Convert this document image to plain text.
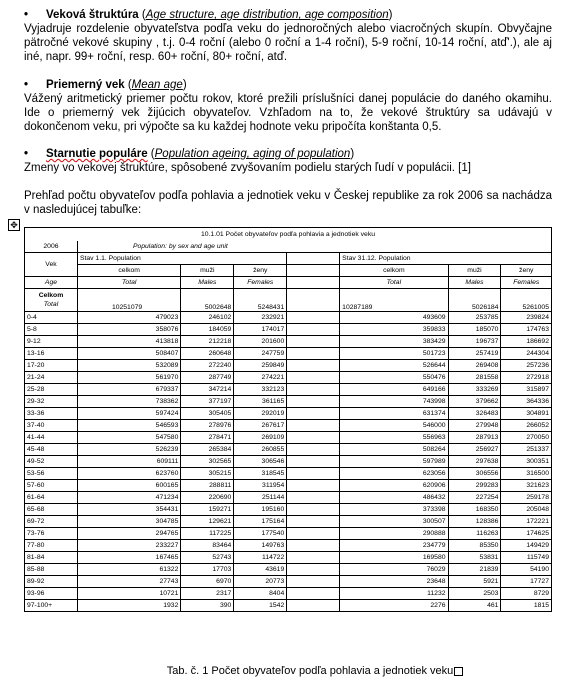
• Veková štruktúra (Age structure, age distribution, age composition)
Vyjadruje rozdelenie obyvateľstva podľa veku do jednoročných alebo viacročných skupín. Obvyčajne pätročné vekové skupiny , t.j. 0-4 roční (alebo 0 roční a 1-4 roční), 5-9 roční, 10-14 roční, atď'.), ale aj iné, napr. 99+ roční, resp. 60+ roční, 80+ roční, atď.
• Priemerný vek (Mean age)
Vážený aritmetický priemer počtu rokov, ktoré prežili príslušníci danej populácie do daného okamihu. Ide o priemerný vek žijúcich obyvateľov. Vzhľadom na to, že vekové štruktúry sa udávajú v dokončenom veku, pri výpočte sa ku každej hodnote veku pripočíta konštanta 0,5.
• Starnutie populáre (Population ageing, aging of population)
Zmeny vo vekovej štruktúre, spôsobené zvyšovaním podielu starých ľudí v populácii. [1]
Prehľad počtu obyvateľov podľa pohlavia a jednotiek veku v Českej republike za rok 2006 sa nachádza v nasledujúcej tabuľke:
✥
10.1.01 Počet obyvateľov podľa pohlavia a jednotiek veku							
2006	Population: by sex and age unit						
Vek	Stav 1.1. Population				Stav 31.12. Population		
	celkom	muži	ženy		celkom	muži	ženy
Age	Total	Males	Females		Total	Males	Females
Celkom
Total	10251079	5002648	5248431		10287189	5026184	5261005
0-4	479023	246102	232921		493609	253785	239824
5-8	358076	184059	174017		359833	185070	174763
9-12	413818	212218	201600		383429	196737	186692
13-16	508407	260648	247759		501723	257419	244304
17-20	532089	272240	259849		526644	269408	257236
21-24	561970	287749	274221		550476	281558	272918
25-28	679337	347214	332123		649166	333269	315897
29-32	738362	377197	361165		743998	379662	364336
33-36	597424	305405	292019		631374	326483	304891
37-40	546593	278976	267617		546000	279948	266052
41-44	547580	278471	269109		556963	287913	270050
45-48	526239	265384	260855		508264	256927	251337
49-52	609111	302565	306546		597989	297638	300351
53-56	623760	305215	318545		623056	306556	316500
57-60	600165	288811	311954		620906	299283	321623
61-64	471234	220690	251144		486432	227254	259178
65-68	354431	159271	195160		373398	168350	205048
69-72	304785	129621	175164		300507	128386	172221
73-76	294765	117225	177540		290888	116263	174625
77-80	233227	83464	149763		234779	85350	149429
81-84	167465	52743	114722		169580	53831	115749
85-88	61322	17703	43619		76029	21839	54190
89-92	27743	6970	20773		23648	5921	17727
93-96	10721	2317	8404		11232	2503	8729
97-100+	1932	390	1542		2276	461	1815
Tab. č. 1 Počet obyvateľov podľa pohlavia a jednotiek veku
